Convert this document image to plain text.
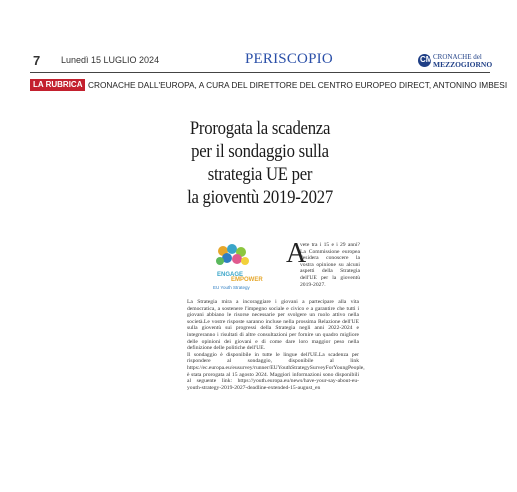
7 Lunedì 15 LUGLIO 2024	PERISCOPIO	CM CRONACHE del
MEZZOGIORNO
LA RUBRICA CRONACHE DALL'EUROPA, A CURA DEL DIRETTORE DEL CENTRO EUROPEO DIRECT, ANTONINO IMBESI
Prorogata la scadenza
per il sondaggio sulla
strategia UE per
la gioventù 2019-2027
ENGAGE
EMPOWER
EU Youth Strategy
A
vete tra i 15 e i 29 anni? La Commissione europea desidera conoscere la vostra opinione su alcuni aspetti della Strategia dell'UE per la gioventù 2019-2027.

La Strategia mira a incoraggiare i giovani a partecipare alla vita democratica, a sostenere l'impegno sociale e civico e a garantire che tutti i giovani abbiano le risorse necessarie per svolgere un ruolo attivo nella società.Le vostre risposte saranno incluse nella prossima Relazione dell'UE sulla gioventù sui progressi della Strategia negli anni 2022-2024 e integreranno i risultati di altre consultazioni per fornire un quadro migliore delle opinioni dei giovani e di come dare loro maggior peso nella definizione delle politiche dell'UE.

Il sondaggio è disponibile in tutte le lingue dell'UE.La scadenza per rispondere al sondaggio, disponibile al link https://ec.europa.eu/eusurvey/runner/EUYouthStrategySurveyForYoungPeople, è stata prorogata al 15 agosto 2024. Maggiori informazioni sono disponibili al seguente link: https://youth.europa.eu/news/have-your-say-about-eu-youth-strategy-2019-2027-deadline-extended-15-august_en
